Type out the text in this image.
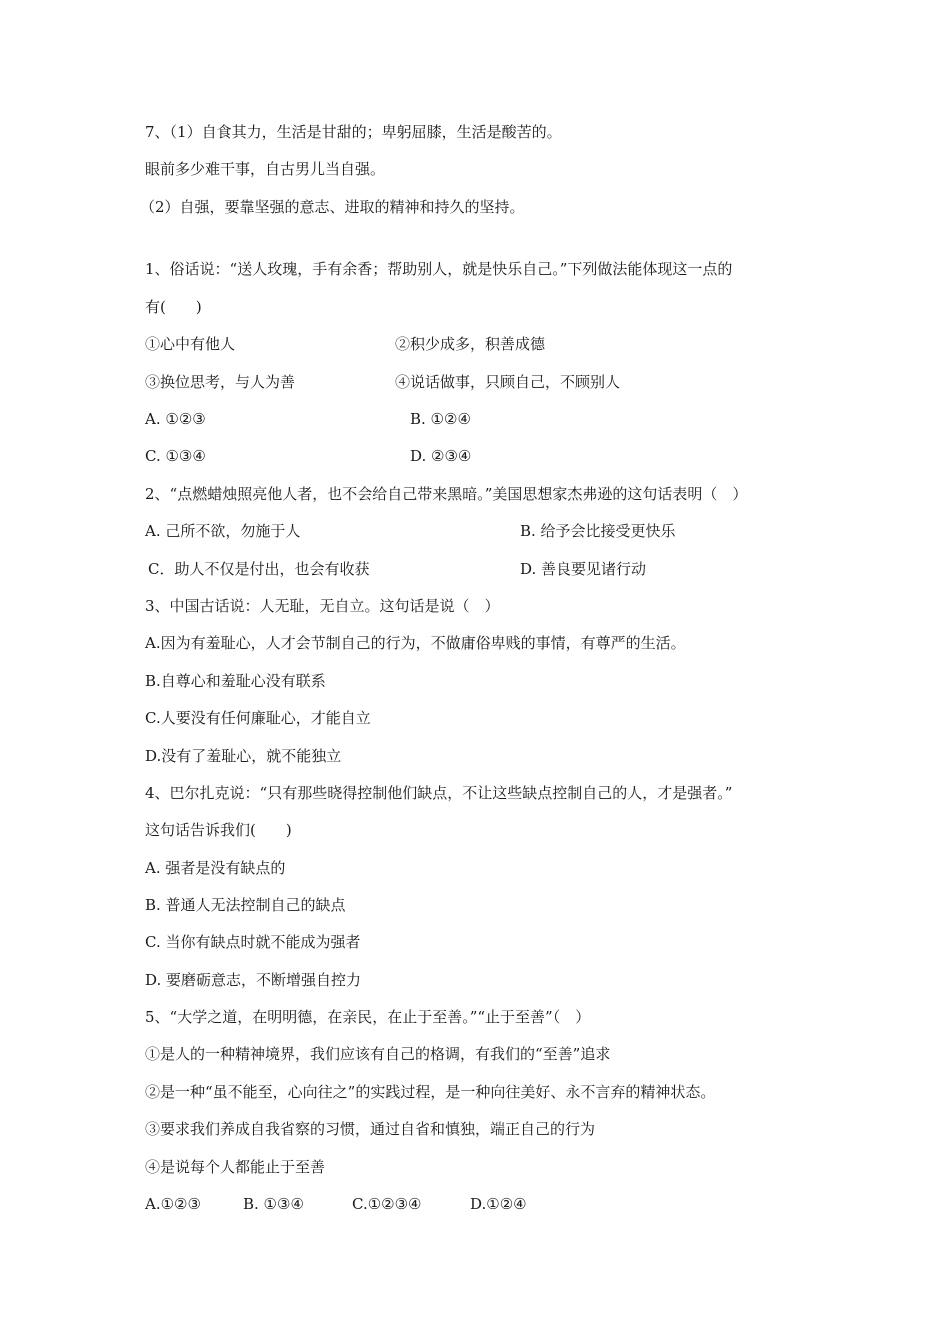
7、（1）自食其力，生活是甘甜的；卑躬屈膝，生活是酸苦的。
眼前多少难干事，自古男儿当自强。
（2）自强，要靠坚强的意志、进取的精神和持久的坚持。
1、俗话说：“送人玫瑰，手有余香；帮助别人，就是快乐自己。”下列做法能体现这一点的
有(　　)
①心中有他人	②积少成多，积善成德
③换位思考，与人为善	④说话做事，只顾自己，不顾别人
A. ①②③	B. ①②④
C. ①③④	D. ②③④
2、“点燃蜡烛照亮他人者，也不会给自己带来黑暗。”美国思想家杰弗逊的这句话表明（　）
A. 己所不欲，勿施于人	B. 给予会比接受更快乐
C．助人不仅是付出，也会有收获	D. 善良要见诸行动
3、中国古话说：人无耻，无自立。这句话是说（　）
A.因为有羞耻心，人才会节制自己的行为，不做庸俗卑贱的事情，有尊严的生活。
B.自尊心和羞耻心没有联系
C.人要没有任何廉耻心，才能自立
D.没有了羞耻心，就不能独立
4、巴尔扎克说：“只有那些晓得控制他们缺点，不让这些缺点控制自己的人，才是强者。”
这句话告诉我们(　　)
A. 强者是没有缺点的
B. 普通人无法控制自己的缺点
C. 当你有缺点时就不能成为强者
D. 要磨砺意志，不断增强自控力
5、“大学之道，在明明德，在亲民，在止于至善。”“止于至善”（　）
①是人的一种精神境界，我们应该有自己的格调，有我们的“至善”追求
②是一种“虽不能至，心向往之”的实践过程，是一种向往美好、永不言弃的精神状态。
③要求我们养成自我省察的习惯，通过自省和慎独，端正自己的行为
④是说每个人都能止于至善
A.①②③	B. ①③④	C.①②③④	D.①②④
